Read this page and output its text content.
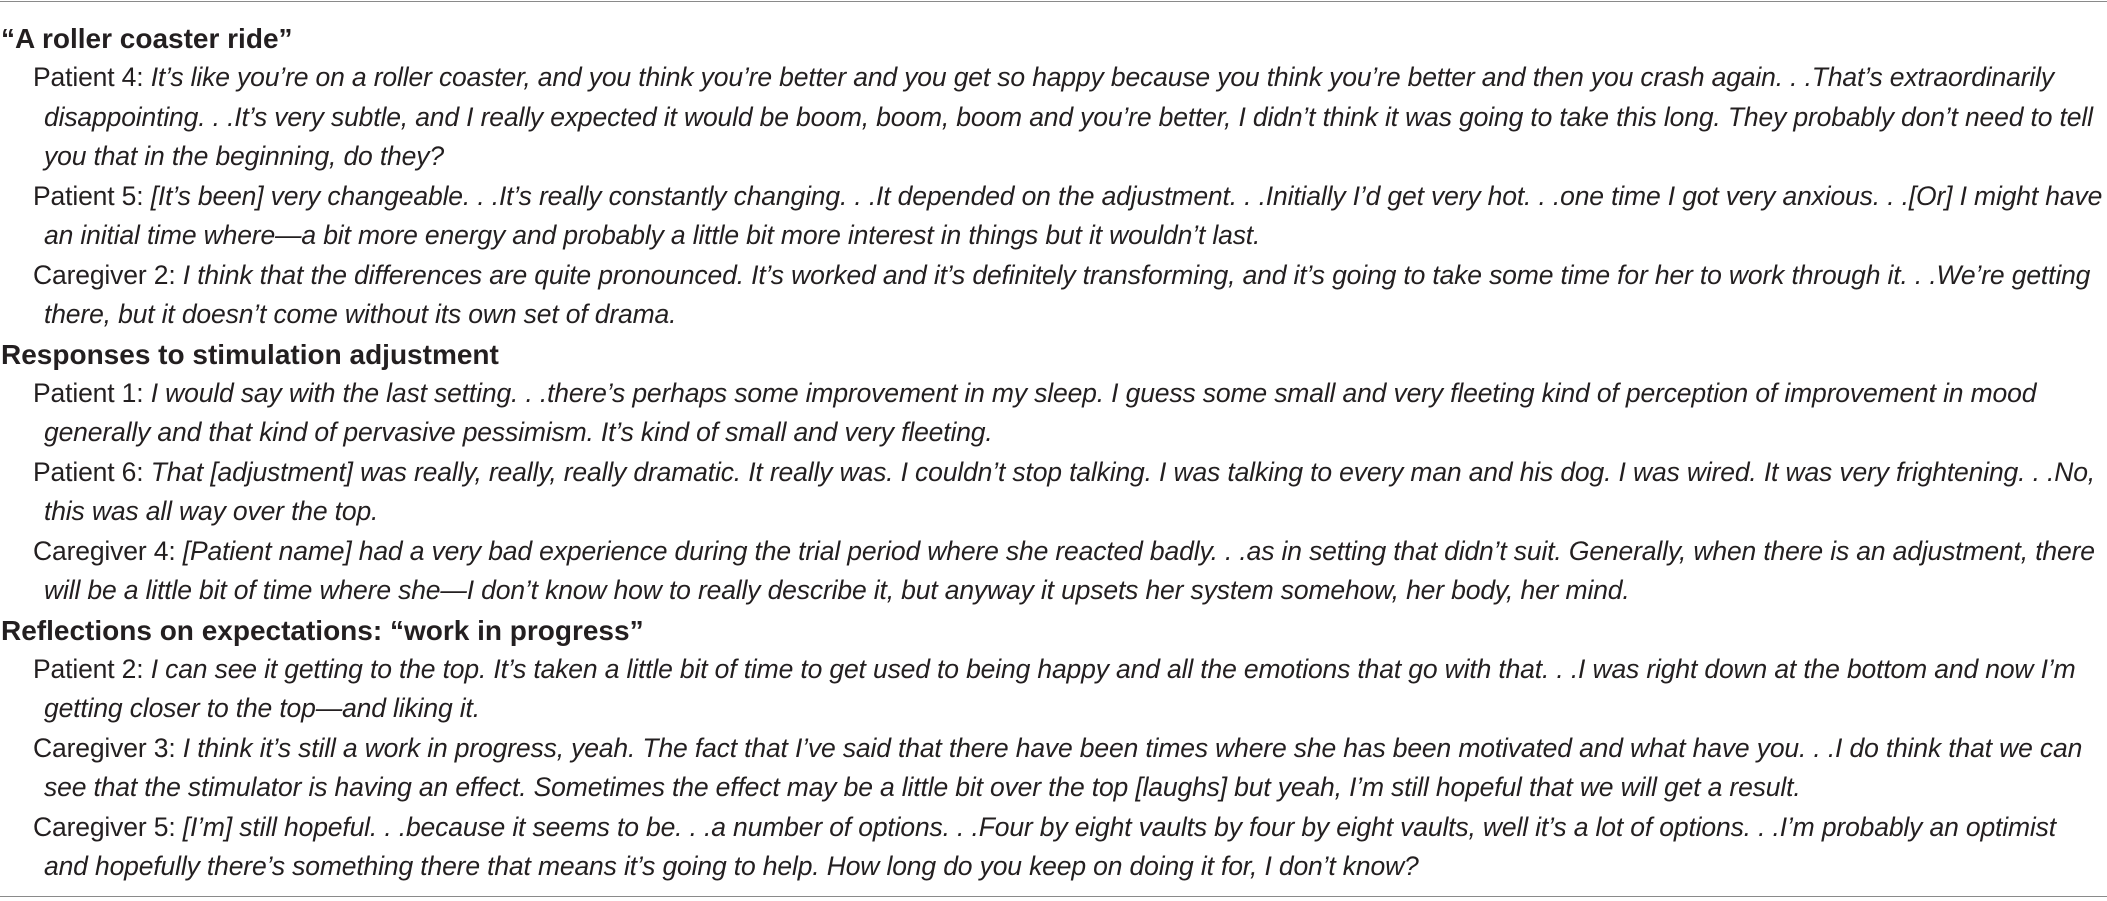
“A roller coaster ride”

Patient 4: It’s like you’re on a roller coaster, and you think you’re better and you get so happy because you think you’re better and then you crash again. . .That’s extraordinarily disappointing. . .It’s very subtle, and I really expected it would be boom, boom, boom and you’re better, I didn’t think it was going to take this long. They probably don’t need to tell you that in the beginning, do they?

Patient 5: [It’s been] very changeable. . .It’s really constantly changing. . .It depended on the adjustment. . .Initially I’d get very hot. . .one time I got very anxious. . .[Or] I might have an initial time where—a bit more energy and probably a little bit more interest in things but it wouldn’t last.

Caregiver 2: I think that the differences are quite pronounced. It’s worked and it’s definitely transforming, and it’s going to take some time for her to work through it. . .We’re getting there, but it doesn’t come without its own set of drama.

Responses to stimulation adjustment

Patient 1: I would say with the last setting. . .there’s perhaps some improvement in my sleep. I guess some small and very fleeting kind of perception of improvement in mood generally and that kind of pervasive pessimism. It’s kind of small and very fleeting.

Patient 6: That [adjustment] was really, really, really dramatic. It really was. I couldn’t stop talking. I was talking to every man and his dog. I was wired. It was very frightening. . .No, this was all way over the top.

Caregiver 4: [Patient name] had a very bad experience during the trial period where she reacted badly. . .as in setting that didn’t suit. Generally, when there is an adjustment, there will be a little bit of time where she—I don’t know how to really describe it, but anyway it upsets her system somehow, her body, her mind.

Reflections on expectations: “work in progress”

Patient 2: I can see it getting to the top. It’s taken a little bit of time to get used to being happy and all the emotions that go with that. . .I was right down at the bottom and now I’m getting closer to the top—and liking it.

Caregiver 3: I think it’s still a work in progress, yeah. The fact that I’ve said that there have been times where she has been motivated and what have you. . .I do think that we can see that the stimulator is having an effect. Sometimes the effect may be a little bit over the top [laughs] but yeah, I’m still hopeful that we will get a result.

Caregiver 5: [I’m] still hopeful. . .because it seems to be. . .a number of options. . .Four by eight vaults by four by eight vaults, well it’s a lot of options. . .I’m probably an optimist and hopefully there’s something there that means it’s going to help. How long do you keep on doing it for, I don’t know?
